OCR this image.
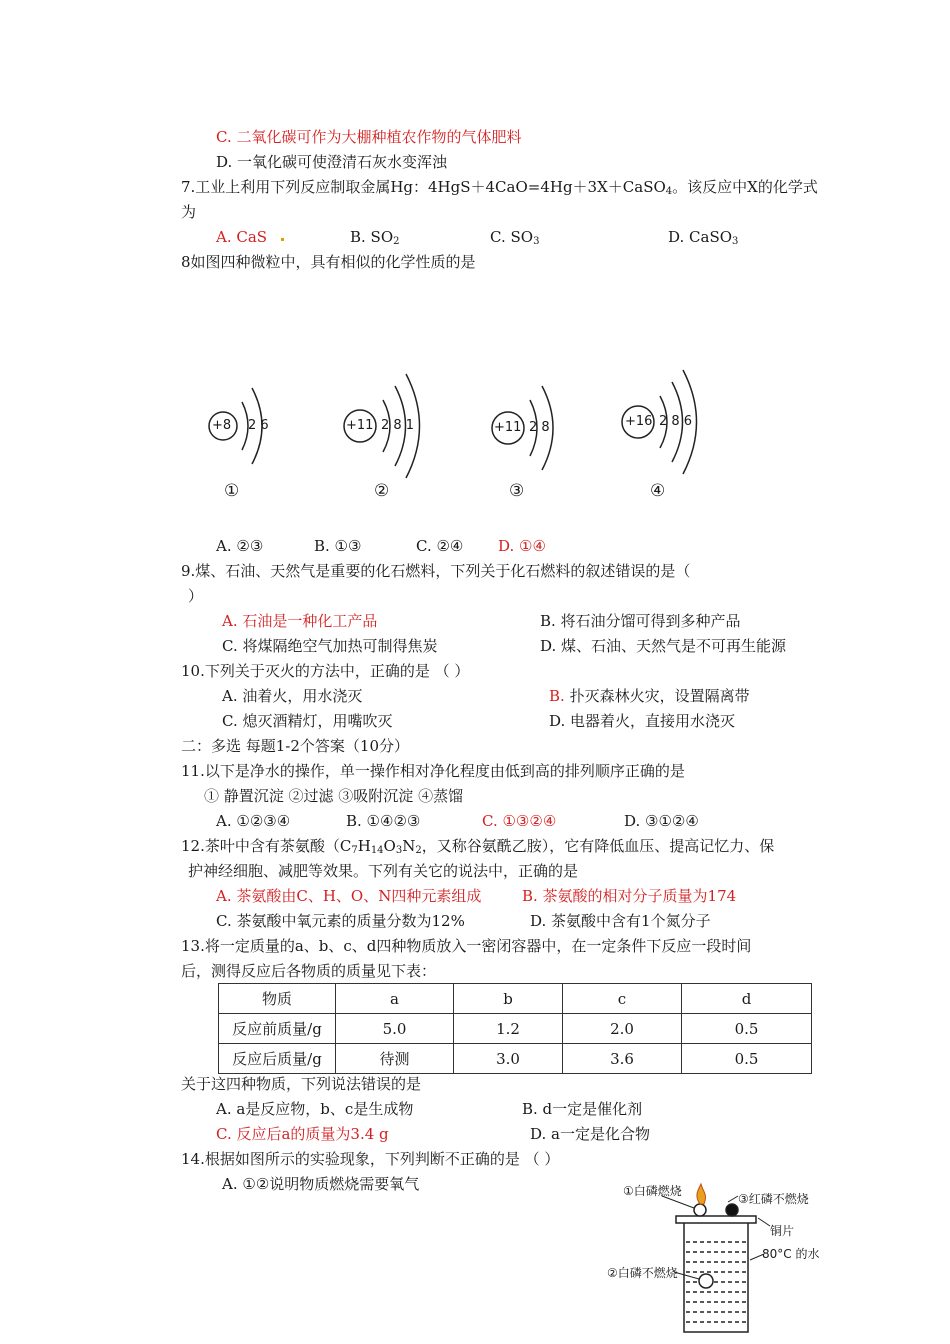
C. 二氧化碳可作为大棚种植农作物的气体肥料
D. 一氧化碳可使澄清石灰水变浑浊
7.工业上利用下列反应制取金属Hg：4HgS＋4CaO=4Hg＋3X＋CaSO$_4$。该反应中X的化学式
为
A. CaS	B. $SO_2$	C. $SO_3$	D. CaSO$_3$
8如图四种微粒中，具有相似的化学性质的是
+8 2 6	+11 2 8 1	+11 2 8	+16 2 8 6
①	②	③	④
A. ②③	B. ①③	C. ②④ D. ①④
9.煤、石油、天然气是重要的化石燃料，下列关于化石燃料的叙述错误的是（
）
A. 石油是一种化工产品	B. 将石油分馏可得到多种产品
C. 将煤隔绝空气加热可制得焦炭	D. 煤、石油、天然气是不可再生能源
10.下列关于灭火的方法中，正确的是 （ ）
A. 油着火，用水浇灭	B. 扑灭森林火灾，设置隔离带
C. 熄灭酒精灯，用嘴吹灭	D. 电器着火，直接用水浇灭
二：多选 每题1-2个答案（10分）
11.以下是净水的操作，单一操作相对净化程度由低到高的排列顺序正确的是
① 静置沉淀 ②过滤 ③吸附沉淀 ④蒸馏
A. ①②③④	B. ①④②③	C. ①③②④	D. ③①②④
12.茶叶中含有茶氨酸（$C_7H_{14}O_3N_2$，又称谷氨酰乙胺），它有降低血压、提高记忆力、保
护神经细胞、减肥等效果。下列有关它的说法中，正确的是
A. 茶氨酸由C、H、O、N四种元素组成	B. 茶氨酸的相对分子质量为174
C. 茶氨酸中氧元素的质量分数为12%	D. 茶氨酸中含有1个氮分子
13.将一定质量的a、b、c、d四种物质放入一密闭容器中，在一定条件下反应一段时间
后，测得反应后各物质的质量见下表：
物质	a	b	c	d
反应前质量/g	5.0	1.2	2.0	0.5
反应后质量/g	待测	3.0	3.6	0.5
关于这四种物质，下列说法错误的是
A. a是反应物，b、c是生成物	B. d一定是催化剂
C. 反应后a的质量为3.4 g	D. a一定是化合物
14.根据如图所示的实验现象，下列判断不正确的是 （ ）
A. ①②说明物质燃烧需要氧气	①白磷燃烧
③红磷不燃烧
铜片
②白磷不燃烧
80°C 的水
